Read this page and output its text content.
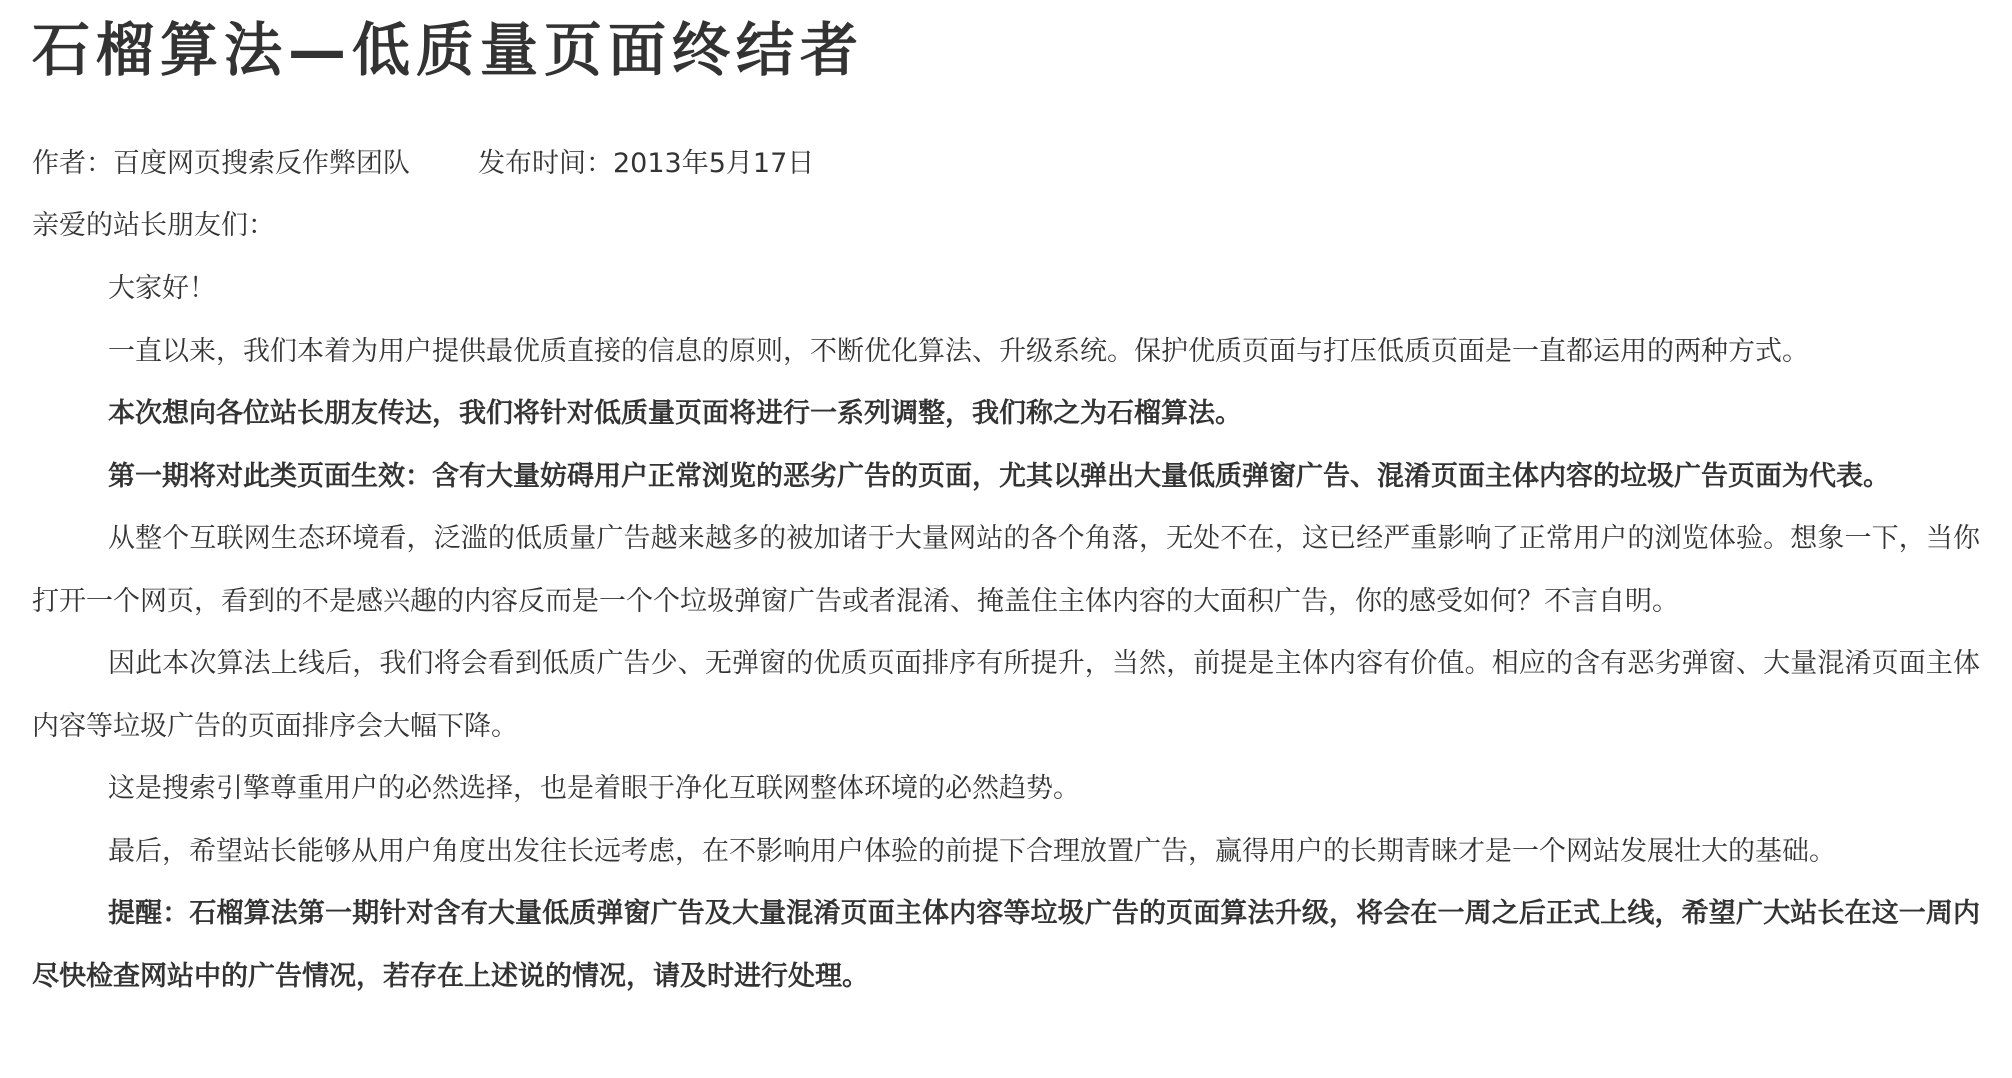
石榴算法—低质量页面终结者
作者：百度网页搜索反作弊团队	发布时间：2013年5月17日
亲爱的站长朋友们：

大家好！

一直以来，我们本着为用户提供最优质直接的信息的原则，不断优化算法、升级系统。保护优质页面与打压低质页面是一直都运用的两种方式。

本次想向各位站长朋友传达，我们将针对低质量页面将进行一系列调整，我们称之为石榴算法。

第一期将对此类页面生效：含有大量妨碍用户正常浏览的恶劣广告的页面，尤其以弹出大量低质弹窗广告、混淆页面主体内容的垃圾广告页面为代表。

从整个互联网生态环境看，泛滥的低质量广告越来越多的被加诸于大量网站的各个角落，无处不在，这已经严重影响了正常用户的浏览体验。想象一下，当你打开一个网页，看到的不是感兴趣的内容反而是一个个垃圾弹窗广告或者混淆、掩盖住主体内容的大面积广告，你的感受如何？不言自明。

因此本次算法上线后，我们将会看到低质广告少、无弹窗的优质页面排序有所提升，当然，前提是主体内容有价值。相应的含有恶劣弹窗、大量混淆页面主体内容等垃圾广告的页面排序会大幅下降。

这是搜索引擎尊重用户的必然选择，也是着眼于净化互联网整体环境的必然趋势。

最后，希望站长能够从用户角度出发往长远考虑，在不影响用户体验的前提下合理放置广告，赢得用户的长期青睐才是一个网站发展壮大的基础。

提醒：石榴算法第一期针对含有大量低质弹窗广告及大量混淆页面主体内容等垃圾广告的页面算法升级，将会在一周之后正式上线，希望广大站长在这一周内尽快检查网站中的广告情况，若存在上述说的情况，请及时进行处理。
